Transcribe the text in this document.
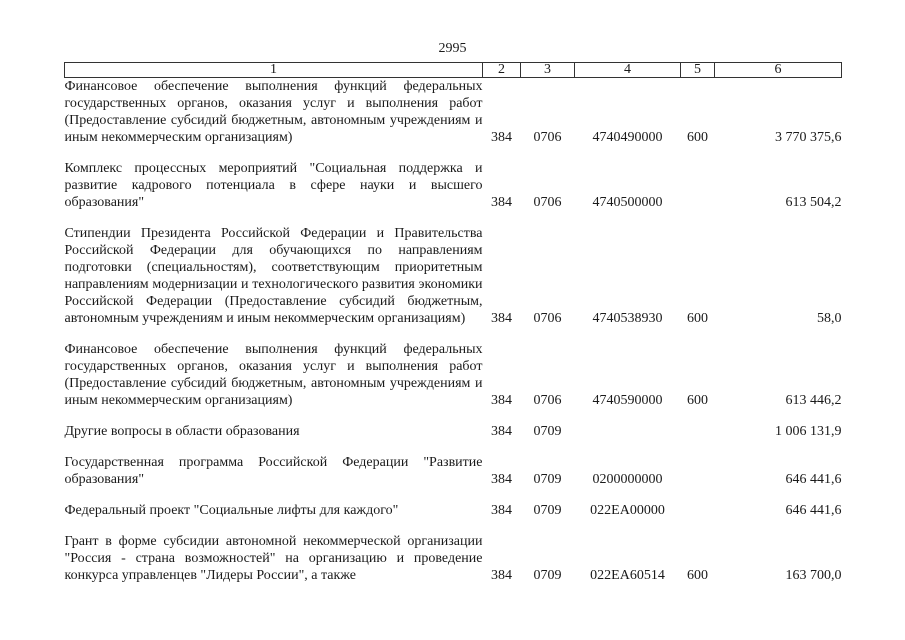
2995
1	2	3	4	5	6
Финансовое обеспечение выполнения функций федеральных государственных органов, оказания услуг и выполнения работ (Предоставление субсидий бюджетным, автономным учреждениям и иным некоммерческим организациям)	384	0706	4740490000	600	3 770 375,6
Комплекс процессных мероприятий "Социальная поддержка и развитие кадрового потенциала в сфере науки и высшего образования"	384	0706	4740500000		613 504,2
Стипендии Президента Российской Федерации и Правительства Российской Федерации для обучающихся по направлениям подготовки (специальностям), соответствующим приоритетным направлениям модернизации и технологического развития экономики Российской Федерации (Предоставление субсидий бюджетным, автономным учреждениям и иным некоммерческим организациям)	384	0706	4740538930	600	58,0
Финансовое обеспечение выполнения функций федеральных государственных органов, оказания услуг и выполнения работ (Предоставление субсидий бюджетным, автономным учреждениям и иным некоммерческим организациям)	384	0706	4740590000	600	613 446,2
Другие вопросы в области образования	384	0709			1 006 131,9
Государственная программа Российской Федерации "Развитие образования"	384	0709	0200000000		646 441,6
Федеральный проект "Социальные лифты для каждого"	384	0709	022EA00000		646 441,6
Грант в форме субсидии автономной некоммерческой организации "Россия - страна возможностей" на организацию и проведение конкурса управленцев "Лидеры России", а также	384	0709	022EA60514	600	163 700,0
